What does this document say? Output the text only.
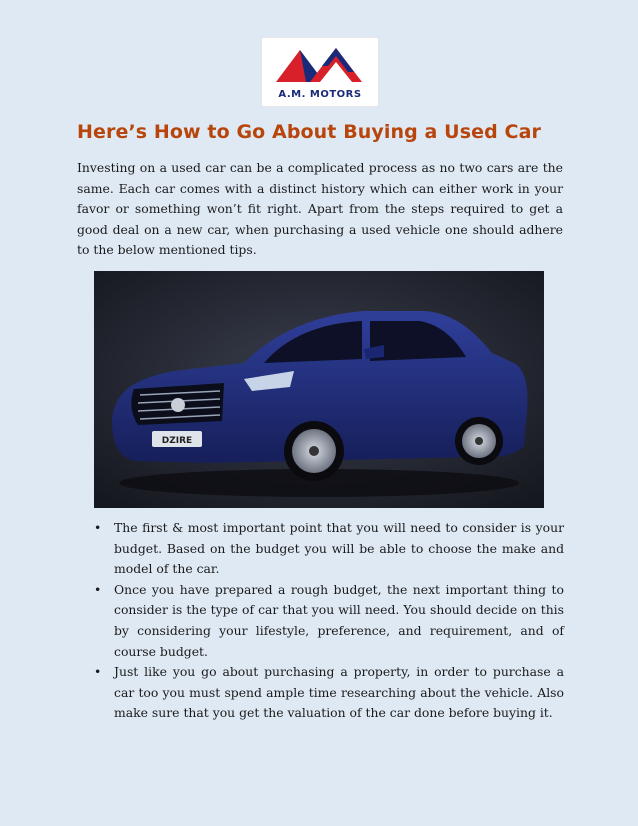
A.M. MOTORS
Here’s How to Go About Buying a Used Car

Investing on a used car can be a complicated process as no two cars are the same. Each car comes with a distinct history which can either work in your favor or something won’t fit right. Apart from the steps required to get a good deal on a new car, when purchasing a used vehicle one should adhere to the below mentioned tips.

DZIRE
•	The first & most important point that you will need to consider is your budget. Based on the budget you will be able to choose the make and model of the car.
•	Once you have prepared a rough budget, the next important thing to consider is the type of car that you will need. You should decide on this by considering your lifestyle, preference, and requirement, and of course budget.
•	Just like you go about purchasing a property, in order to purchase a car too you must spend ample time researching about the vehicle. Also make sure that you get the valuation of the car done before buying it.
